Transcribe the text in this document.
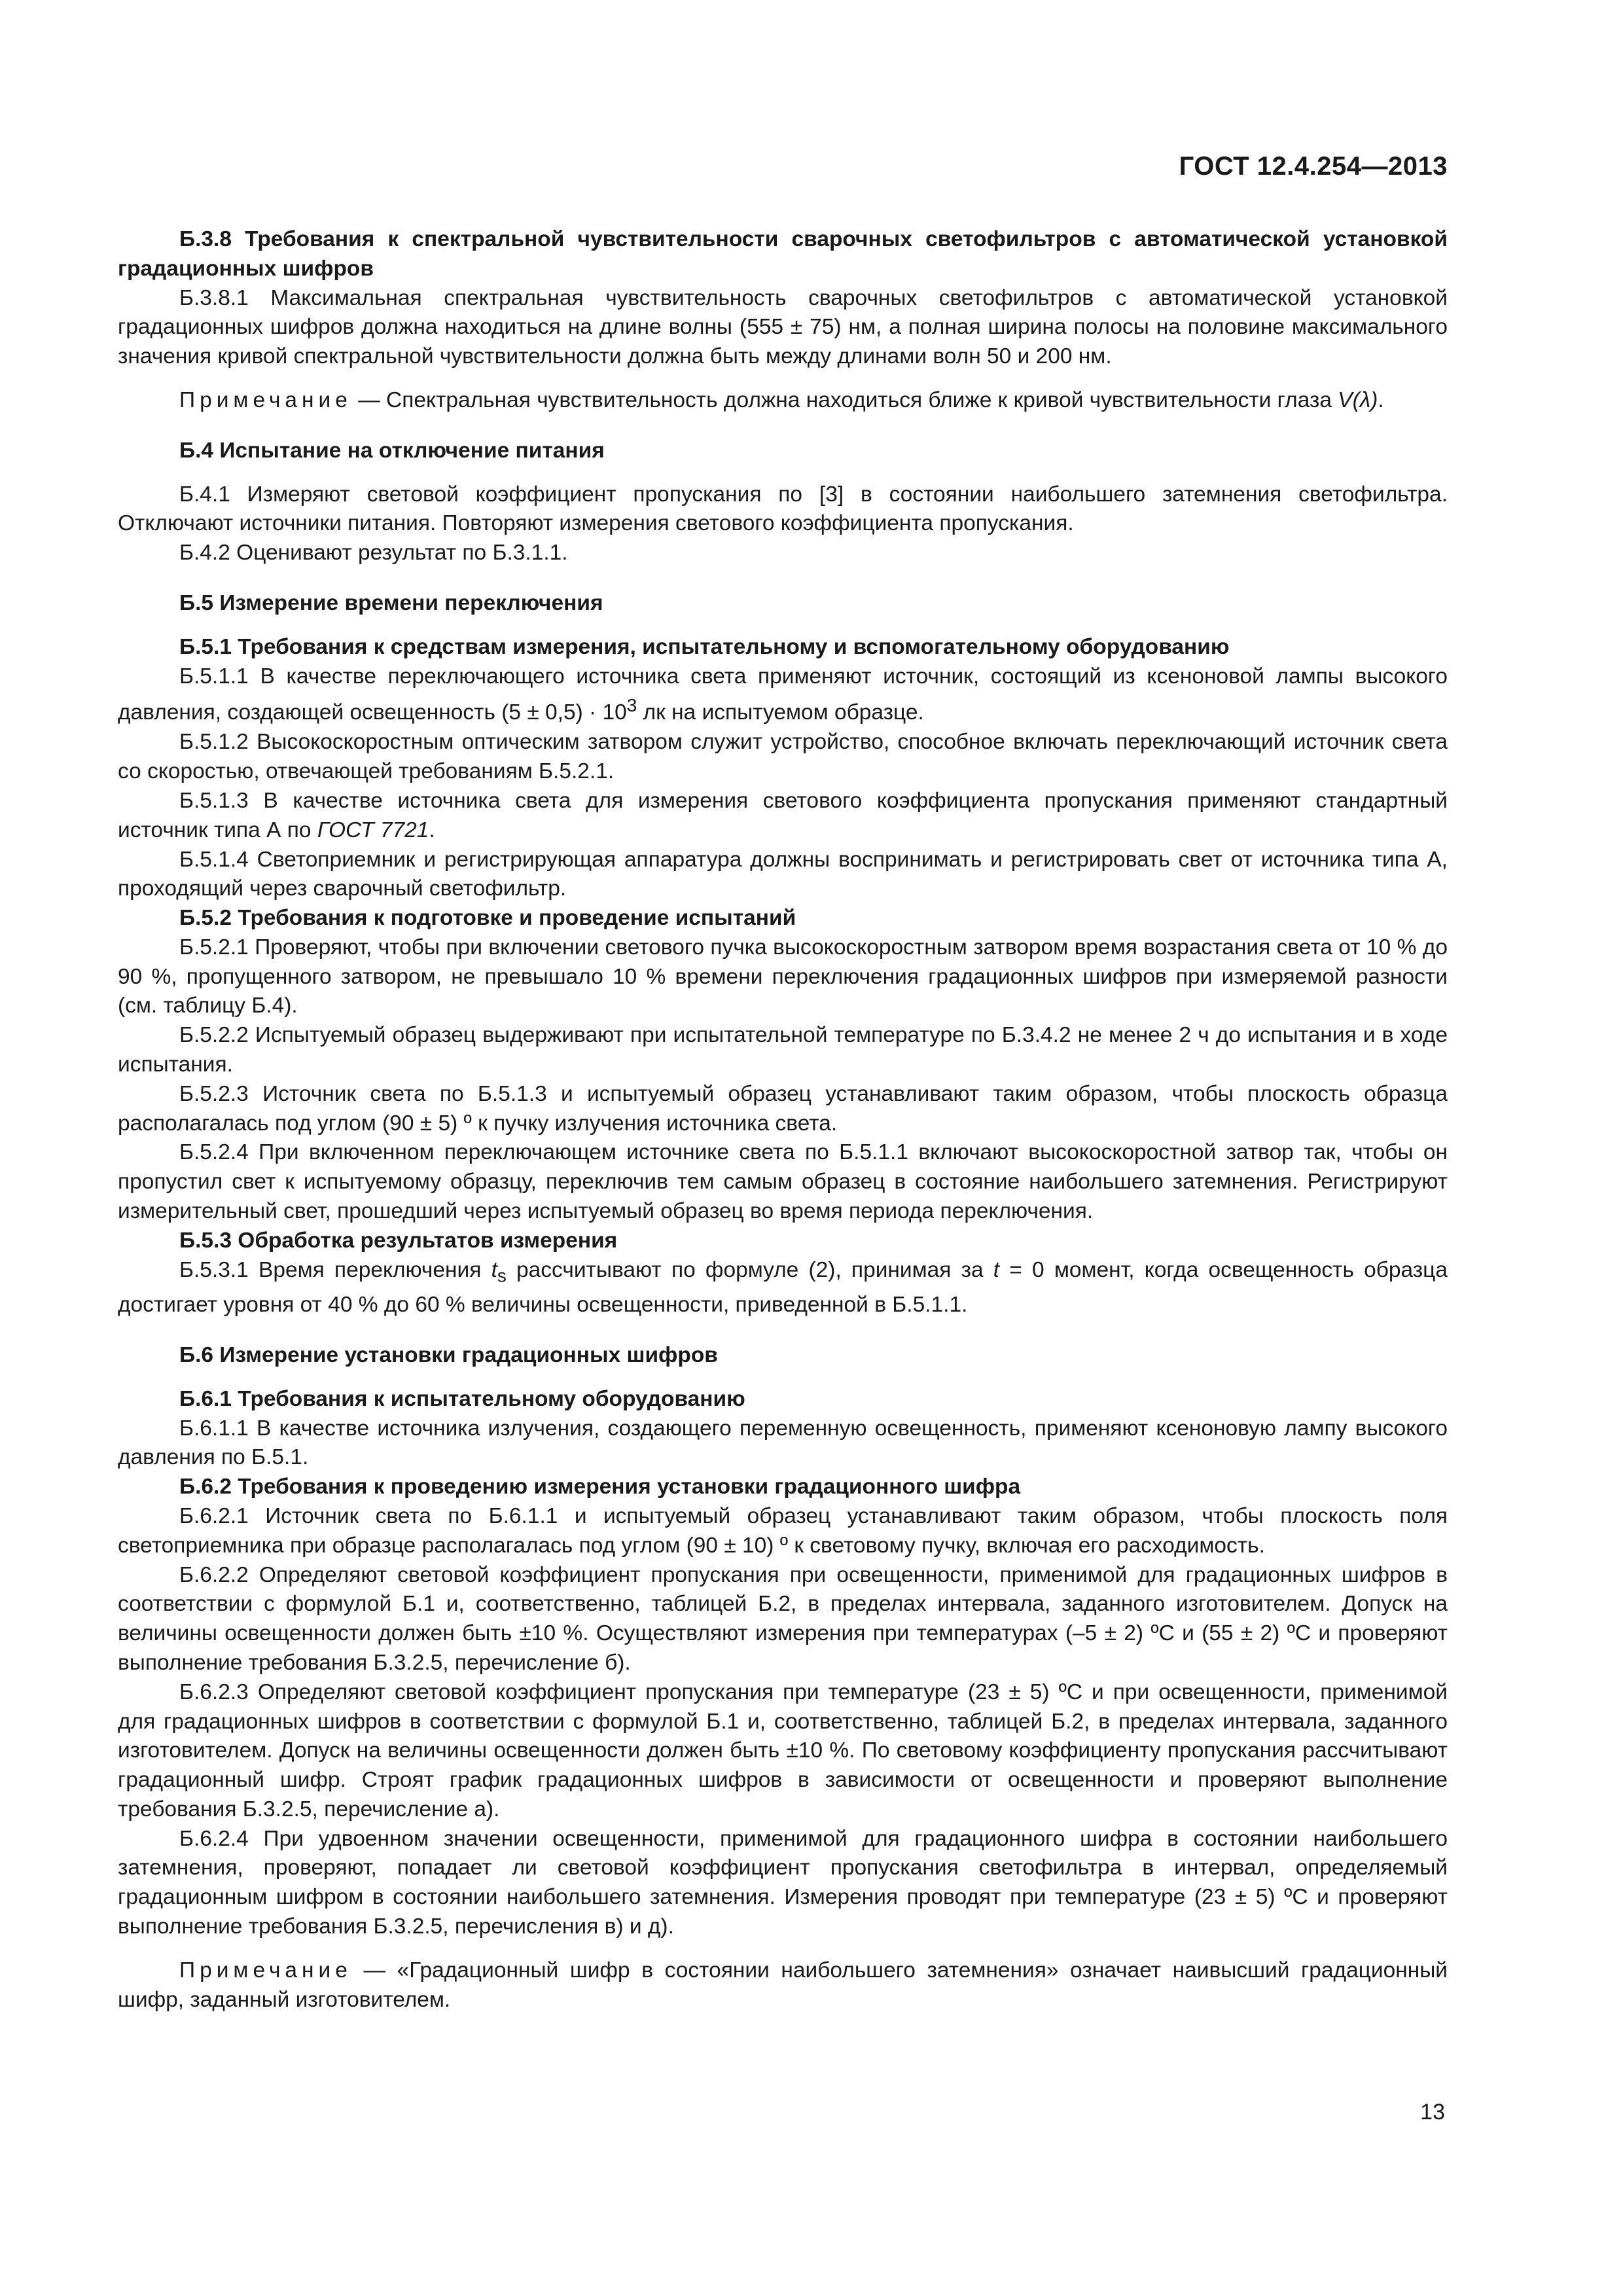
ГОСТ 12.4.254—2013

Б.3.8 Требования к спектральной чувствительности сварочных светофильтров с автоматической установкой градационных шифров

Б.3.8.1 Максимальная спектральная чувствительность сварочных светофильтров с автоматической установкой градационных шифров должна находиться на длине волны (555 ± 75) нм, а полная ширина полосы на половине максимального значения кривой спектральной чувствительности должна быть между длинами волн 50 и 200 нм.

Примечание — Спектральная чувствительность должна находиться ближе к кривой чувствительности глаза V(λ).

Б.4 Испытание на отключение питания

Б.4.1 Измеряют световой коэффициент пропускания по [3] в состоянии наибольшего затемнения светофильтра. Отключают источники питания. Повторяют измерения светового коэффициента пропускания.

Б.4.2 Оценивают результат по Б.3.1.1.

Б.5 Измерение времени переключения

Б.5.1 Требования к средствам измерения, испытательному и вспомогательному оборудованию

Б.5.1.1 В качестве переключающего источника света применяют источник, состоящий из ксеноновой лампы высокого давления, создающей освещенность $(5 \pm 0,5) \cdot 10^3$ лк на испытуемом образце.

Б.5.1.2 Высокоскоростным оптическим затвором служит устройство, способное включать переключающий источник света со скоростью, отвечающей требованиям Б.5.2.1.

Б.5.1.3 В качестве источника света для измерения светового коэффициента пропускания применяют стандартный источник типа А по ГОСТ 7721.

Б.5.1.4 Светоприемник и регистрирующая аппаратура должны воспринимать и регистрировать свет от источника типа А, проходящий через сварочный светофильтр.

Б.5.2 Требования к подготовке и проведение испытаний

Б.5.2.1 Проверяют, чтобы при включении светового пучка высокоскоростным затвором время возрастания света от 10 % до 90 %, пропущенного затвором, не превышало 10 % времени переключения градационных шифров при измеряемой разности (см. таблицу Б.4).

Б.5.2.2 Испытуемый образец выдерживают при испытательной температуре по Б.3.4.2 не менее 2 ч до испытания и в ходе испытания.

Б.5.2.3 Источник света по Б.5.1.3 и испытуемый образец устанавливают таким образом, чтобы плоскость образца располагалась под углом (90 ± 5) º к пучку излучения источника света.

Б.5.2.4 При включенном переключающем источнике света по Б.5.1.1 включают высокоскоростной затвор так, чтобы он пропустил свет к испытуемому образцу, переключив тем самым образец в состояние наибольшего затемнения. Регистрируют измерительный свет, прошедший через испытуемый образец во время периода переключения.

Б.5.3 Обработка результатов измерения

Б.5.3.1 Время переключения $t_s$ рассчитывают по формуле (2), принимая за t = 0 момент, когда освещенность образца достигает уровня от 40 % до 60 % величины освещенности, приведенной в Б.5.1.1.

Б.6 Измерение установки градационных шифров

Б.6.1 Требования к испытательному оборудованию

Б.6.1.1 В качестве источника излучения, создающего переменную освещенность, применяют ксеноновую лампу высокого давления по Б.5.1.

Б.6.2 Требования к проведению измерения установки градационного шифра

Б.6.2.1 Источник света по Б.6.1.1 и испытуемый образец устанавливают таким образом, чтобы плоскость поля светоприемника при образце располагалась под углом (90 ± 10) º к световому пучку, включая его расходимость.

Б.6.2.2 Определяют световой коэффициент пропускания при освещенности, применимой для градационных шифров в соответствии с формулой Б.1 и, соответственно, таблицей Б.2, в пределах интервала, заданного изготовителем. Допуск на величины освещенности должен быть ±10 %. Осуществляют измерения при температурах (–5 ± 2) ºС и (55 ± 2) ºС и проверяют выполнение требования Б.3.2.5, перечисление б).

Б.6.2.3 Определяют световой коэффициент пропускания при температуре (23 ± 5) ºС и при освещенности, применимой для градационных шифров в соответствии с формулой Б.1 и, соответственно, таблицей Б.2, в пределах интервала, заданного изготовителем. Допуск на величины освещенности должен быть ±10 %. По световому коэффициенту пропускания рассчитывают градационный шифр. Строят график градационных шифров в зависимости от освещенности и проверяют выполнение требования Б.3.2.5, перечисление а).

Б.6.2.4 При удвоенном значении освещенности, применимой для градационного шифра в состоянии наибольшего затемнения, проверяют, попадает ли световой коэффициент пропускания светофильтра в интервал, определяемый градационным шифром в состоянии наибольшего затемнения. Измерения проводят при температуре (23 ± 5) ºС и проверяют выполнение требования Б.3.2.5, перечисления в) и д).

Примечание — «Градационный шифр в состоянии наибольшего затемнения» означает наивысший градационный шифр, заданный изготовителем.

13
